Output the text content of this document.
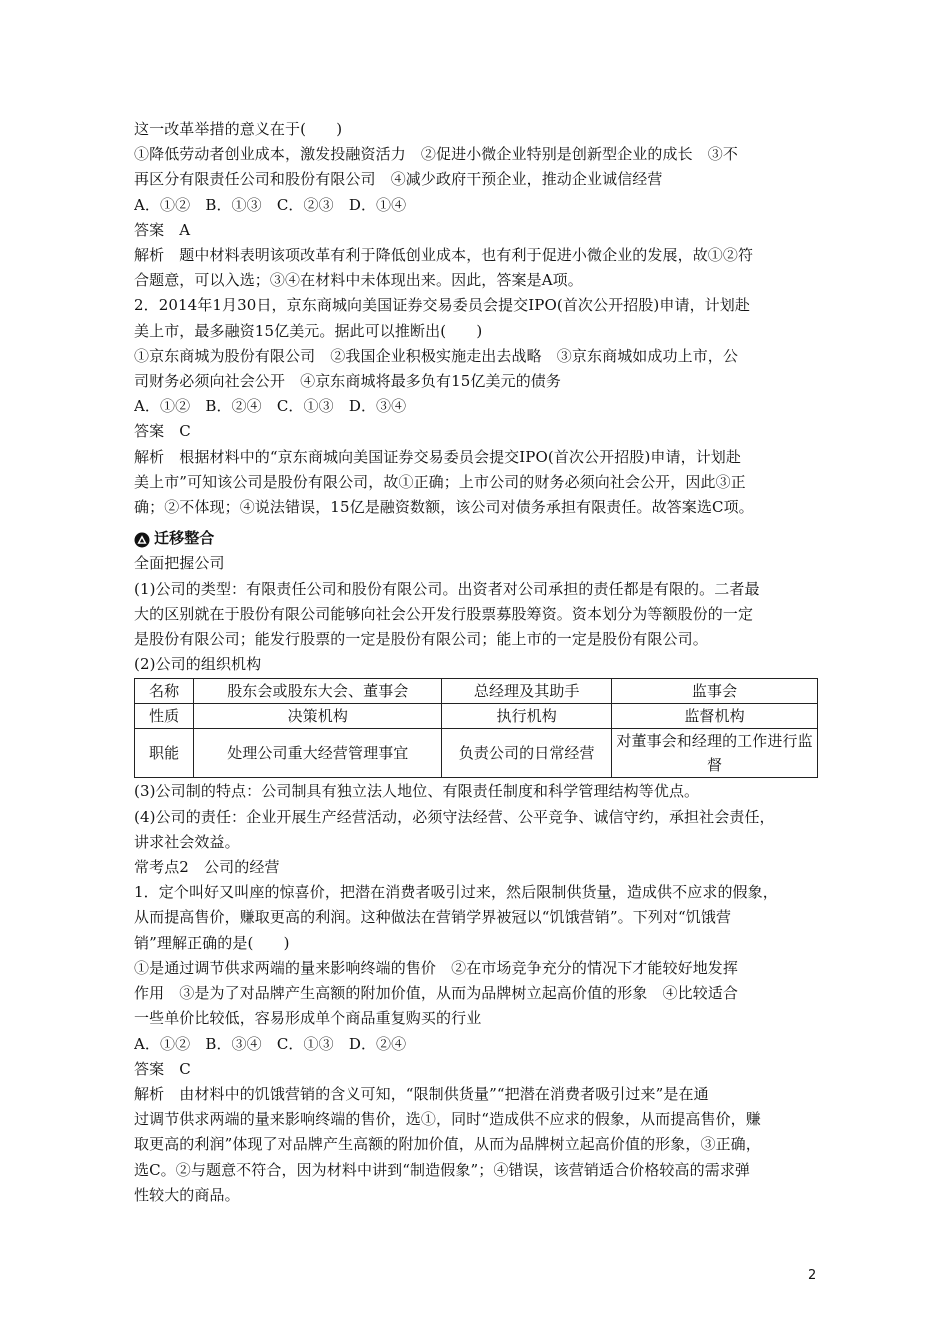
这一改革举措的意义在于(　　)
①降低劳动者创业成本，激发投融资活力　②促进小微企业特别是创新型企业的成长　③不
再区分有限责任公司和股份有限公司　④减少政府干预企业，推动企业诚信经营
A．①②　B．①③　C．②③　D．①④
答案　A
解析　题中材料表明该项改革有利于降低创业成本，也有利于促进小微企业的发展，故①②符
合题意，可以入选；③④在材料中未体现出来。因此，答案是A项。
2．2014年1月30日，京东商城向美国证券交易委员会提交IPO(首次公开招股)申请，计划赴
美上市，最多融资15亿美元。据此可以推断出(　　)
①京东商城为股份有限公司　②我国企业积极实施走出去战略　③京东商城如成功上市，公
司财务必须向社会公开　④京东商城将最多负有15亿美元的债务
A．①②　B．②④　C．①③　D．③④
答案　C
解析　根据材料中的“京东商城向美国证券交易委员会提交IPO(首次公开招股)申请，计划赴
美上市”可知该公司是股份有限公司，故①正确；上市公司的财务必须向社会公开，因此③正
确；②不体现；④说法错误，15亿是融资数额，该公司对债务承担有限责任。故答案选C项。
迁移整合
全面把握公司
(1)公司的类型：有限责任公司和股份有限公司。出资者对公司承担的责任都是有限的。二者最
大的区别就在于股份有限公司能够向社会公开发行股票募股筹资。资本划分为等额股份的一定
是股份有限公司；能发行股票的一定是股份有限公司；能上市的一定是股份有限公司。
(2)公司的组织机构
名称	股东会或股东大会、董事会	总经理及其助手	监事会
性质	决策机构	执行机构	监督机构
职能	处理公司重大经营管理事宜	负责公司的日常经营	对董事会和经理的工作进行监督
(3)公司制的特点：公司制具有独立法人地位、有限责任制度和科学管理结构等优点。
(4)公司的责任：企业开展生产经营活动，必须守法经营、公平竞争、诚信守约，承担社会责任，
讲求社会效益。
常考点2　公司的经营
1．定个叫好又叫座的惊喜价，把潜在消费者吸引过来，然后限制供货量，造成供不应求的假象，
从而提高售价，赚取更高的利润。这种做法在营销学界被冠以“饥饿营销”。下列对“饥饿营
销”理解正确的是(　　)
①是通过调节供求两端的量来影响终端的售价　②在市场竞争充分的情况下才能较好地发挥
作用　③是为了对品牌产生高额的附加价值，从而为品牌树立起高价值的形象　④比较适合
一些单价比较低，容易形成单个商品重复购买的行业
A．①②　B．③④　C．①③　D．②④
答案　C
解析　由材料中的饥饿营销的含义可知，“限制供货量”“把潜在消费者吸引过来”是在通
过调节供求两端的量来影响终端的售价，选①，同时“造成供不应求的假象，从而提高售价，赚
取更高的利润”体现了对品牌产生高额的附加价值，从而为品牌树立起高价值的形象，③正确，
选C。②与题意不符合，因为材料中讲到“制造假象”；④错误，该营销适合价格较高的需求弹
性较大的商品。
2
